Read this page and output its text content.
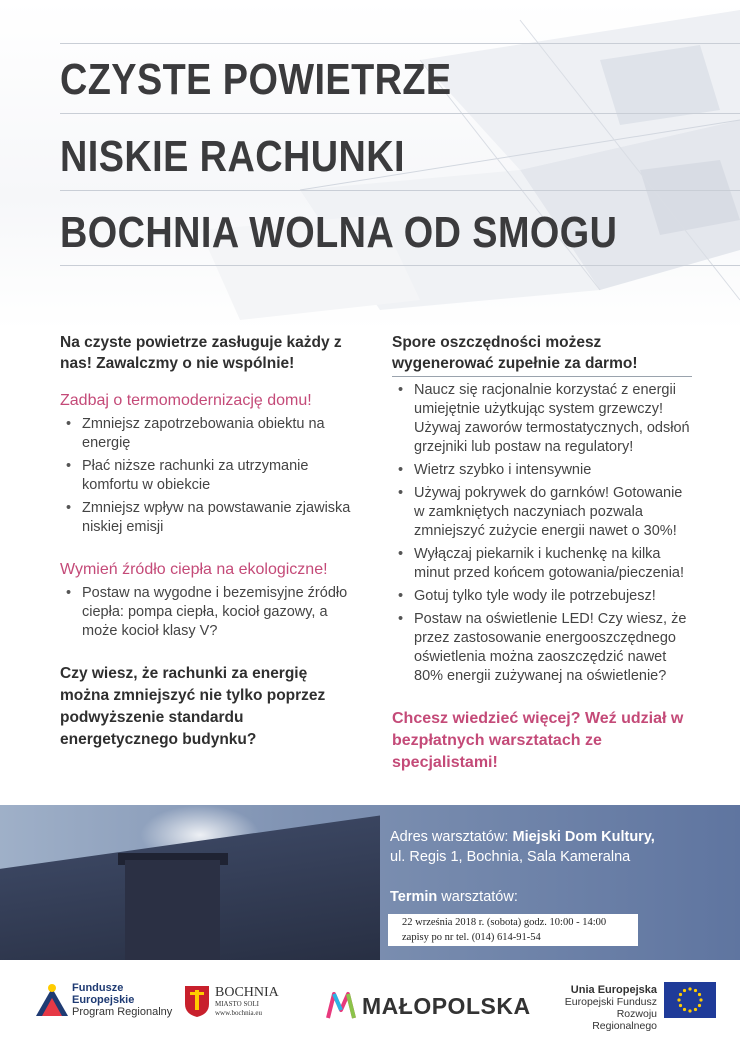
CZYSTE POWIETRZE
NISKIE RACHUNKI
BOCHNIA WOLNA OD SMOGU

Na czyste powietrze zasługuje każdy z nas! Zawalczmy o nie wspólnie!

Zadbaj o termomodernizację domu!

• Zmniejsz zapotrzebowania obiektu na energię
• Płać niższe rachunki za utrzymanie komfortu w obiekcie
• Zmniejsz wpływ na powstawanie zjawiska niskiej emisji

Wymień źródło ciepła na ekologiczne!

• Postaw na wygodne i bezemisyjne źródło ciepła: pompa ciepła, kocioł gazowy, a może kocioł klasy V?

Czy wiesz, że rachunki za energię można zmniejszyć nie tylko poprzez podwyższenie standardu energetycznego budynku?

Spore oszczędności możesz wygenerować zupełnie za darmo!

• Naucz się racjonalnie korzystać z energii umiejętnie użytkując system grzewczy! Używaj zaworów termostatycznych, odsłoń grzejniki lub postaw na regulatory!
• Wietrz szybko i intensywnie
• Używaj pokrywek do garnków! Gotowanie w zamkniętych naczyniach pozwala zmniejszyć zużycie energii nawet o 30%!
• Wyłączaj piekarnik i kuchenkę na kilka minut przed końcem gotowania/pieczenia!
• Gotuj tylko tyle wody ile potrzebujesz!
• Postaw na oświetlenie LED! Czy wiesz, że przez zastosowanie energooszczędnego oświetlenia można zaoszczędzić nawet 80% energii zużywanej na oświetlenie?

Chcesz wiedzieć więcej? Weź udział w bezpłatnych warsztatach ze specjalistami!

Adres warsztatów: Miejski Dom Kultury,
ul. Regis 1, Bochnia, Sala Kameralna
Termin warsztatów:
22 września 2018 r. (sobota) godz. 10:00 - 14:00
zapisy po nr tel. (014) 614-91-54
Fundusze
Europejskie
Program Regionalny
BOCHNIA
MIASTO SOLI
www.bochnia.eu	MAŁOPOLSKA
Unia Europejska
Europejski Fundusz
Rozwoju Regionalnego
